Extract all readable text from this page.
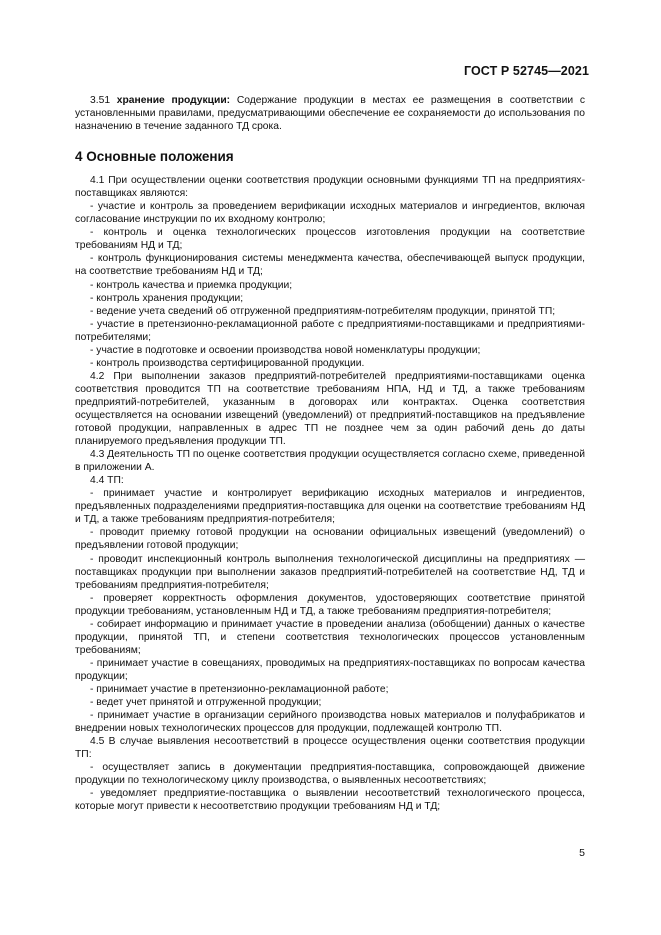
ГОСТ Р 52745—2021

3.51 хранение продукции: Содержание продукции в местах ее размещения в соответствии с установленными правилами, предусматривающими обеспечение ее сохраняемости до использования по назначению в течение заданного ТД срока.

4 Основные положения

4.1 При осуществлении оценки соответствия продукции основными функциями ТП на предприятиях-поставщиках являются:

- участие и контроль за проведением верификации исходных материалов и ингредиентов, включая согласование инструкции по их входному контролю;

- контроль и оценка технологических процессов изготовления продукции на соответствие требованиям НД и ТД;

- контроль функционирования системы менеджмента качества, обеспечивающей выпуск продукции, на соответствие требованиям НД и ТД;

- контроль качества и приемка продукции;

- контроль хранения продукции;

- ведение учета сведений об отгруженной предприятиям-потребителям продукции, принятой ТП;

- участие в претензионно-рекламационной работе с предприятиями-поставщиками и предприятиями-потребителями;

- участие в подготовке и освоении производства новой номенклатуры продукции;

- контроль производства сертифицированной продукции.

4.2 При выполнении заказов предприятий-потребителей предприятиями-поставщиками оценка соответствия проводится ТП на соответствие требованиям НПА, НД и ТД, а также требованиям предприятий-потребителей, указанным в договорах или контрактах. Оценка соответствия осуществляется на основании извещений (уведомлений) от предприятий-поставщиков на предъявление готовой продукции, направленных в адрес ТП не позднее чем за один рабочий день до даты планируемого предъявления продукции ТП.

4.3 Деятельность ТП по оценке соответствия продукции осуществляется согласно схеме, приведенной в приложении А.

4.4 ТП:

- принимает участие и контролирует верификацию исходных материалов и ингредиентов, предъявленных подразделениями предприятия-поставщика для оценки на соответствие требованиям НД и ТД, а также требованиям предприятия-потребителя;

- проводит приемку готовой продукции на основании официальных извещений (уведомлений) о предъявлении готовой продукции;

- проводит инспекционный контроль выполнения технологической дисциплины на предприятиях — поставщиках продукции при выполнении заказов предприятий-потребителей на соответствие НД, ТД и требованиям предприятия-потребителя;

- проверяет корректность оформления документов, удостоверяющих соответствие принятой продукции требованиям, установленным НД и ТД, а также требованиям предприятия-потребителя;

- собирает информацию и принимает участие в проведении анализа (обобщении) данных о качестве продукции, принятой ТП, и степени соответствия технологических процессов установленным требованиям;

- принимает участие в совещаниях, проводимых на предприятиях-поставщиках по вопросам качества продукции;

- принимает участие в претензионно-рекламационной работе;

- ведет учет принятой и отгруженной продукции;

- принимает участие в организации серийного производства новых материалов и полуфабрикатов и внедрении новых технологических процессов для продукции, подлежащей контролю ТП.

4.5 В случае выявления несоответствий в процессе осуществления оценки соответствия продукции ТП:

- осуществляет запись в документации предприятия-поставщика, сопровождающей движение продукции по технологическому циклу производства, о выявленных несоответствиях;

- уведомляет предприятие-поставщика о выявлении несоответствий технологического процесса, которые могут привести к несоответствию продукции требованиям НД и ТД;

5
